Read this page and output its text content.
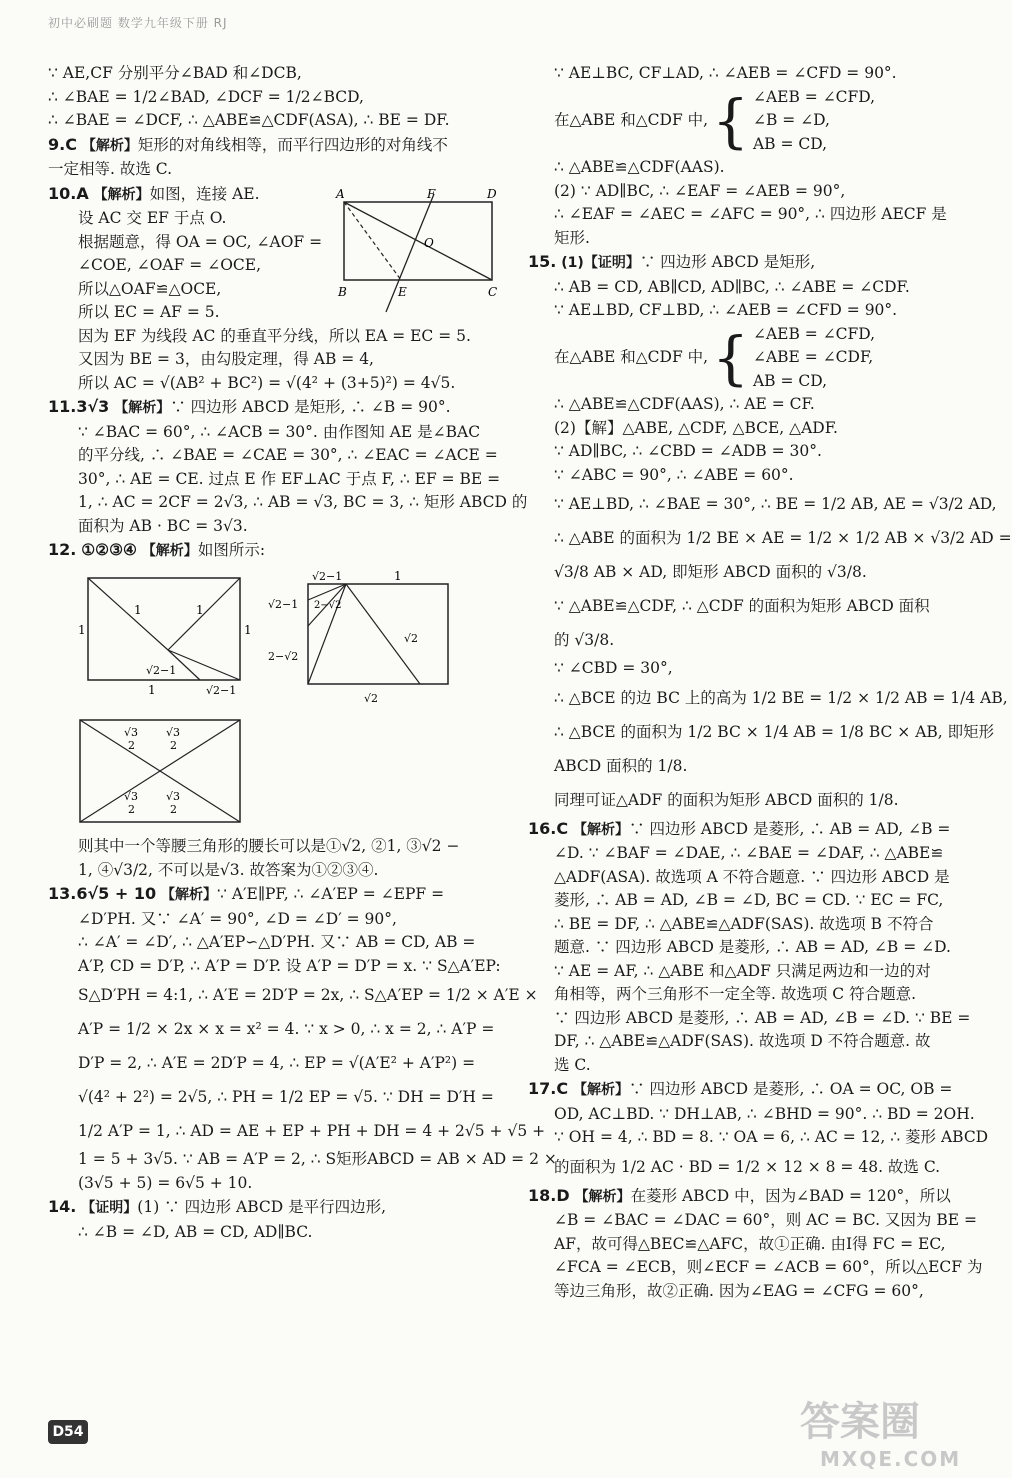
初中必刷题 数学九年级下册 RJ
∵ AE,CF 分别平分∠BAD 和∠DCB,
∴ ∠BAE = 1/2∠BAD, ∠DCF = 1/2∠BCD,
∴ ∠BAE = ∠DCF, ∴ △ABE≌△CDF(ASA), ∴ BE = DF.
9.C 【解析】矩形的对角线相等，而平行四边形的对角线不
一定相等. 故选 C.
10.A 【解析】如图，连接 AE.
设 AC 交 EF 于点 O.
根据题意，得 OA = OC, ∠AOF =
∠COE, ∠OAF = ∠OCE,
所以△OAF≌△OCE,
所以 EC = AF = 5.
A	F	D
O
B	E	C
因为 EF 为线段 AC 的垂直平分线，所以 EA = EC = 5.
又因为 BE = 3，由勾股定理，得 AB = 4,
所以 AC = √(AB² + BC²) = √(4² + (3+5)²) = 4√5.
11.3√3 【解析】∵ 四边形 ABCD 是矩形, ∴ ∠B = 90°.
∵ ∠BAC = 60°, ∴ ∠ACB = 30°. 由作图知 AE 是∠BAC
的平分线, ∴ ∠BAE = ∠CAE = 30°, ∴ ∠EAC = ∠ACE =
30°, ∴ AE = CE. 过点 E 作 EF⊥AC 于点 F, ∴ EF = BE =
1, ∴ AC = 2CF = 2√3, ∴ AB = √3, BC = 3, ∴ 矩形 ABCD 的
面积为 AB · BC = 3√3.
12. ①②③④ 【解析】如图所示:
1	1
1	1
√2−1
1	√2−1
√2−1	1
√2−1 2−√2
√2
2−√2
√2
√3
2
√3
2
√3
2
√3
2
则其中一个等腰三角形的腰长可以是①√2, ②1, ③√2 −
1, ④√3/2, 不可以是√3. 故答案为①②③④.
13.6√5 + 10 【解析】∵ A′E∥PF, ∴ ∠A′EP = ∠EPF =
∠D′PH. 又∵ ∠A′ = 90°, ∠D = ∠D′ = 90°,
∴ ∠A′ = ∠D′, ∴ △A′EP∽△D′PH. 又∵ AB = CD, AB =
A′P, CD = D′P, ∴ A′P = D′P. 设 A′P = D′P = x. ∵ S△A′EP:
S△D′PH = 4:1, ∴ A′E = 2D′P = 2x, ∴ S△A′EP = 1/2 × A′E ×
A′P = 1/2 × 2x × x = x² = 4. ∵ x > 0, ∴ x = 2, ∴ A′P =
D′P = 2, ∴ A′E = 2D′P = 4, ∴ EP = √(A′E² + A′P²) =
√(4² + 2²) = 2√5, ∴ PH = 1/2 EP = √5. ∵ DH = D′H =
1/2 A′P = 1, ∴ AD = AE + EP + PH + DH = 4 + 2√5 + √5 +
1 = 5 + 3√5. ∵ AB = A′P = 2, ∴ S矩形ABCD = AB × AD = 2 ×
(3√5 + 5) = 6√5 + 10.
14. 【证明】(1) ∵ 四边形 ABCD 是平行四边形,
∴ ∠B = ∠D, AB = CD, AD∥BC.
∵ AE⊥BC, CF⊥AD, ∴ ∠AEB = ∠CFD = 90°.
在△ABE 和△CDF 中, { ∠AEB = ∠CFD,
∠B = ∠D,
AB = CD,
∴ △ABE≌△CDF(AAS).
(2) ∵ AD∥BC, ∴ ∠EAF = ∠AEB = 90°,
∴ ∠EAF = ∠AEC = ∠AFC = 90°, ∴ 四边形 AECF 是
矩形.
15. (1)【证明】∵ 四边形 ABCD 是矩形,
∴ AB = CD, AB∥CD, AD∥BC, ∴ ∠ABE = ∠CDF.
∵ AE⊥BD, CF⊥BD, ∴ ∠AEB = ∠CFD = 90°.
在△ABE 和△CDF 中, { ∠AEB = ∠CFD,
∠ABE = ∠CDF,
AB = CD,
∴ △ABE≌△CDF(AAS), ∴ AE = CF.
(2)【解】△ABE, △CDF, △BCE, △ADF.
∵ AD∥BC, ∴ ∠CBD = ∠ADB = 30°.
∵ ∠ABC = 90°, ∴ ∠ABE = 60°.
∵ AE⊥BD, ∴ ∠BAE = 30°, ∴ BE = 1/2 AB, AE = √3/2 AD,
∴ △ABE 的面积为 1/2 BE × AE = 1/2 × 1/2 AB × √3/2 AD =
√3/8 AB × AD, 即矩形 ABCD 面积的 √3/8.
∵ △ABE≌△CDF, ∴ △CDF 的面积为矩形 ABCD 面积
的 √3/8.
∵ ∠CBD = 30°,
∴ △BCE 的边 BC 上的高为 1/2 BE = 1/2 × 1/2 AB = 1/4 AB,
∴ △BCE 的面积为 1/2 BC × 1/4 AB = 1/8 BC × AB, 即矩形
ABCD 面积的 1/8.
同理可证△ADF 的面积为矩形 ABCD 面积的 1/8.
16.C 【解析】∵ 四边形 ABCD 是菱形, ∴ AB = AD, ∠B =
∠D. ∵ ∠BAF = ∠DAE, ∴ ∠BAE = ∠DAF, ∴ △ABE≌
△ADF(ASA). 故选项 A 不符合题意. ∵ 四边形 ABCD 是
菱形, ∴ AB = AD, ∠B = ∠D, BC = CD. ∵ EC = FC,
∴ BE = DF, ∴ △ABE≌△ADF(SAS). 故选项 B 不符合
题意. ∵ 四边形 ABCD 是菱形, ∴ AB = AD, ∠B = ∠D.
∵ AE = AF, ∴ △ABE 和△ADF 只满足两边和一边的对
角相等，两个三角形不一定全等. 故选项 C 符合题意.
∵ 四边形 ABCD 是菱形, ∴ AB = AD, ∠B = ∠D. ∵ BE =
DF, ∴ △ABE≌△ADF(SAS). 故选项 D 不符合题意. 故
选 C.
17.C 【解析】∵ 四边形 ABCD 是菱形, ∴ OA = OC, OB =
OD, AC⊥BD. ∵ DH⊥AB, ∴ ∠BHD = 90°. ∴ BD = 2OH.
∵ OH = 4, ∴ BD = 8. ∵ OA = 6, ∴ AC = 12, ∴ 菱形 ABCD
的面积为 1/2 AC · BD = 1/2 × 12 × 8 = 48. 故选 C.
18.D 【解析】在菱形 ABCD 中，因为∠BAD = 120°，所以
∠B = ∠BAC = ∠DAC = 60°，则 AC = BC. 又因为 BE =
AF，故可得△BEC≌△AFC，故①正确. 由Ⅰ得 FC = EC,
∠FCA = ∠ECB，则∠ECF = ∠ACB = 60°，所以△ECF 为
等边三角形，故②正确. 因为∠EAG = ∠CFG = 60°,
D54	答案圈
MXQE.COM
